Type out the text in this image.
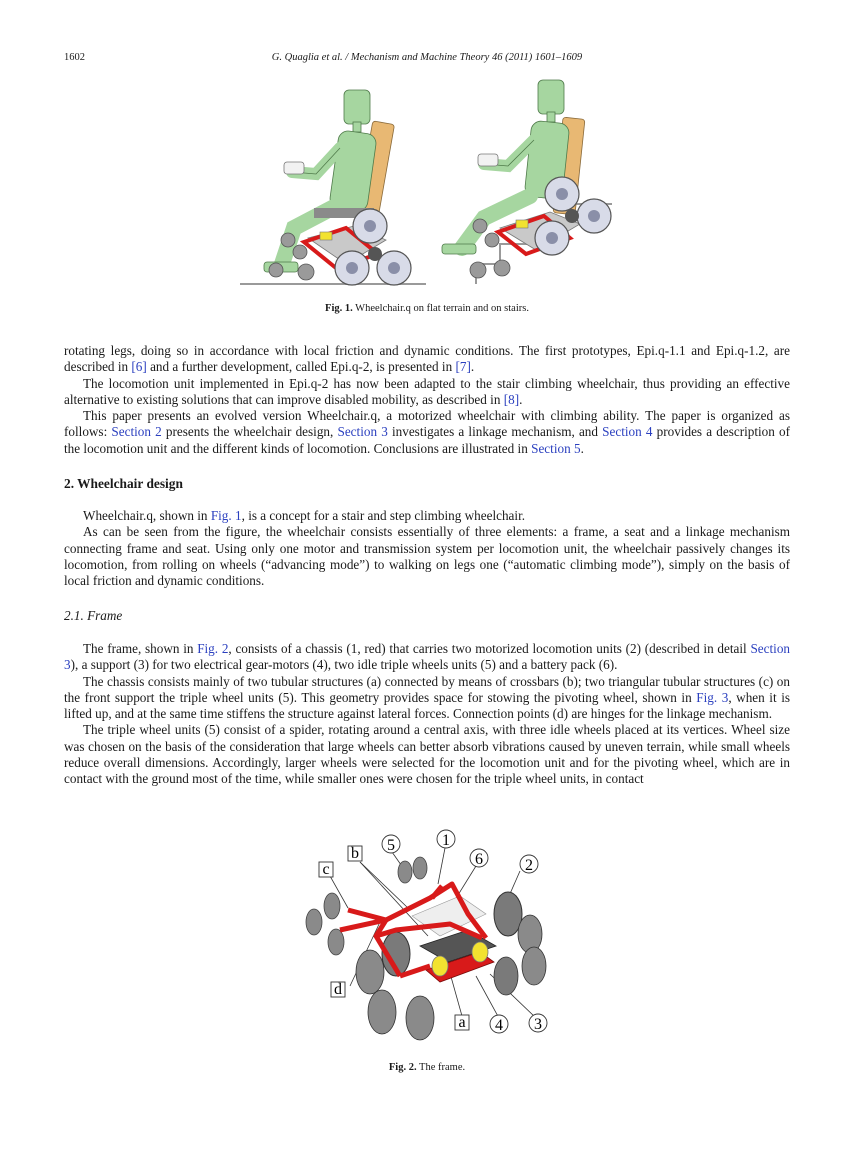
1602	G. Quaglia et al. / Mechanism and Machine Theory 46 (2011) 1601–1609
Fig. 1. Wheelchair.q on flat terrain and on stairs.

rotating legs, doing so in accordance with local friction and dynamic conditions. The first prototypes, Epi.q-1.1 and Epi.q-1.2, are described in [6] and a further development, called Epi.q-2, is presented in [7].

The locomotion unit implemented in Epi.q-2 has now been adapted to the stair climbing wheelchair, thus providing an effective alternative to existing solutions that can improve disabled mobility, as described in [8].

This paper presents an evolved version Wheelchair.q, a motorized wheelchair with climbing ability. The paper is organized as follows: Section 2 presents the wheelchair design, Section 3 investigates a linkage mechanism, and Section 4 provides a description of the locomotion unit and the different kinds of locomotion. Conclusions are illustrated in Section 5.

2. Wheelchair design

Wheelchair.q, shown in Fig. 1, is a concept for a stair and step climbing wheelchair.

As can be seen from the figure, the wheelchair consists essentially of three elements: a frame, a seat and a linkage mechanism connecting frame and seat. Using only one motor and transmission system per locomotion unit, the wheelchair passively changes its locomotion, from rolling on wheels (“advancing mode”) to walking on legs one (“automatic climbing mode”), simply on the basis of local friction and dynamic conditions.

2.1. Frame

The frame, shown in Fig. 2, consists of a chassis (1, red) that carries two motorized locomotion units (2) (described in detail Section 3), a support (3) for two electrical gear-motors (4), two idle triple wheels units (5) and a battery pack (6).

The chassis consists mainly of two tubular structures (a) connected by means of crossbars (b); two triangular tubular structures (c) on the front support the triple wheel units (5). This geometry provides space for stowing the pivoting wheel, shown in Fig. 3, when it is lifted up, and at the same time stiffens the structure against lateral forces. Connection points (d) are hinges for the linkage mechanism.

The triple wheel units (5) consist of a spider, rotating around a central axis, with three idle wheels placed at its vertices. Wheel size was chosen on the basis of the consideration that large wheels can better absorb vibrations caused by uneven terrain, while small wheels reduce overall dimensions. Accordingly, larger wheels were selected for the locomotion unit and for the pivoting wheel, which are in contact with the ground most of the time, while smaller ones were chosen for the triple wheel units, in contact

5	1
6	2
4 3
b
c
d
a
Fig. 2. The frame.
